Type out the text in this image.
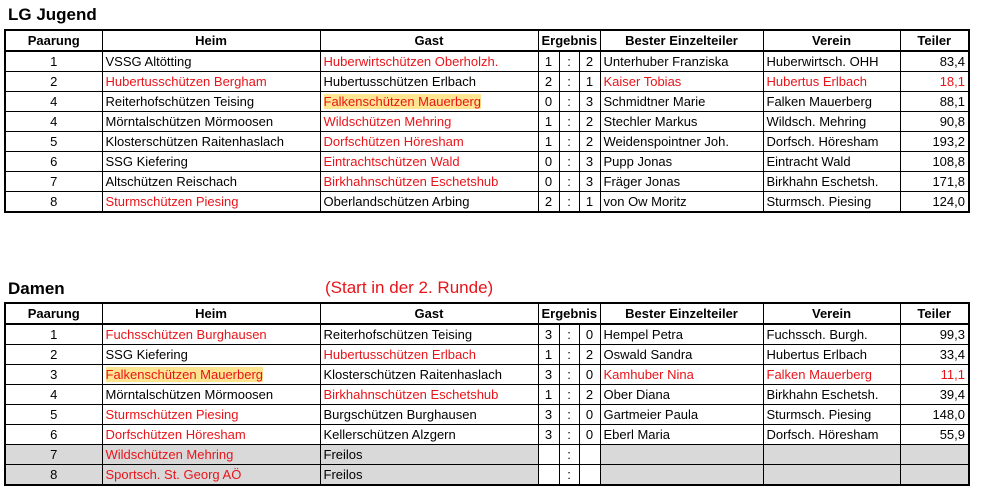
LG Jugend
Paarung	Heim	Gast	Ergebnis			Bester Einzelteiler	Verein	Teiler
1	VSSG Altötting	Huberwirtschützen Oberholzh.	1	:	2	Unterhuber Franziska	Huberwirtsch. OHH	83,4
2	Hubertusschützen Bergham	Hubertusschützen Erlbach	2	:	1	Kaiser Tobias	Hubertus Erlbach	18,1
4	Reiterhofschützen Teising	Falkenschützen Mauerberg	0	:	3	Schmidtner Marie	Falken Mauerberg	88,1
4	Mörntalschützen Mörmoosen	Wildschützen Mehring	1	:	2	Stechler Markus	Wildsch. Mehring	90,8
5	Klosterschützen Raitenhaslach	Dorfschützen Höresham	1	:	2	Weidenspointner Joh.	Dorfsch. Höresham	193,2
6	SSG Kiefering	Eintrachtschützen Wald	0	:	3	Pupp Jonas	Eintracht Wald	108,8
7	Altschützen Reischach	Birkhahnschützen Eschetshub	0	:	3	Fräger Jonas	Birkhahn Eschetsh.	171,8
8	Sturmschützen Piesing	Oberlandschützen Arbing	2	:	1	von Ow Moritz	Sturmsch. Piesing	124,0
Damen	(Start in der 2. Runde)
Paarung	Heim	Gast	Ergebnis			Bester Einzelteiler	Verein	Teiler
1	Fuchsschützen Burghausen	Reiterhofschützen Teising	3	:	0	Hempel Petra	Fuchssch. Burgh.	99,3
2	SSG Kiefering	Hubertusschützen Erlbach	1	:	2	Oswald Sandra	Hubertus Erlbach	33,4
3	Falkenschützen Mauerberg	Klosterschützen Raitenhaslach	3	:	0	Kamhuber Nina	Falken Mauerberg	11,1
4	Mörntalschützen Mörmoosen	Birkhahnschützen Eschetshub	1	:	2	Ober Diana	Birkhahn Eschetsh.	39,4
5	Sturmschützen Piesing	Burgschützen Burghausen	3	:	0	Gartmeier Paula	Sturmsch. Piesing	148,0
6	Dorfschützen Höresham	Kellerschützen Alzgern	3	:	0	Eberl Maria	Dorfsch. Höresham	55,9
7	Wildschützen Mehring	Freilos		:				
8	Sportsch. St. Georg AÖ	Freilos		:				
